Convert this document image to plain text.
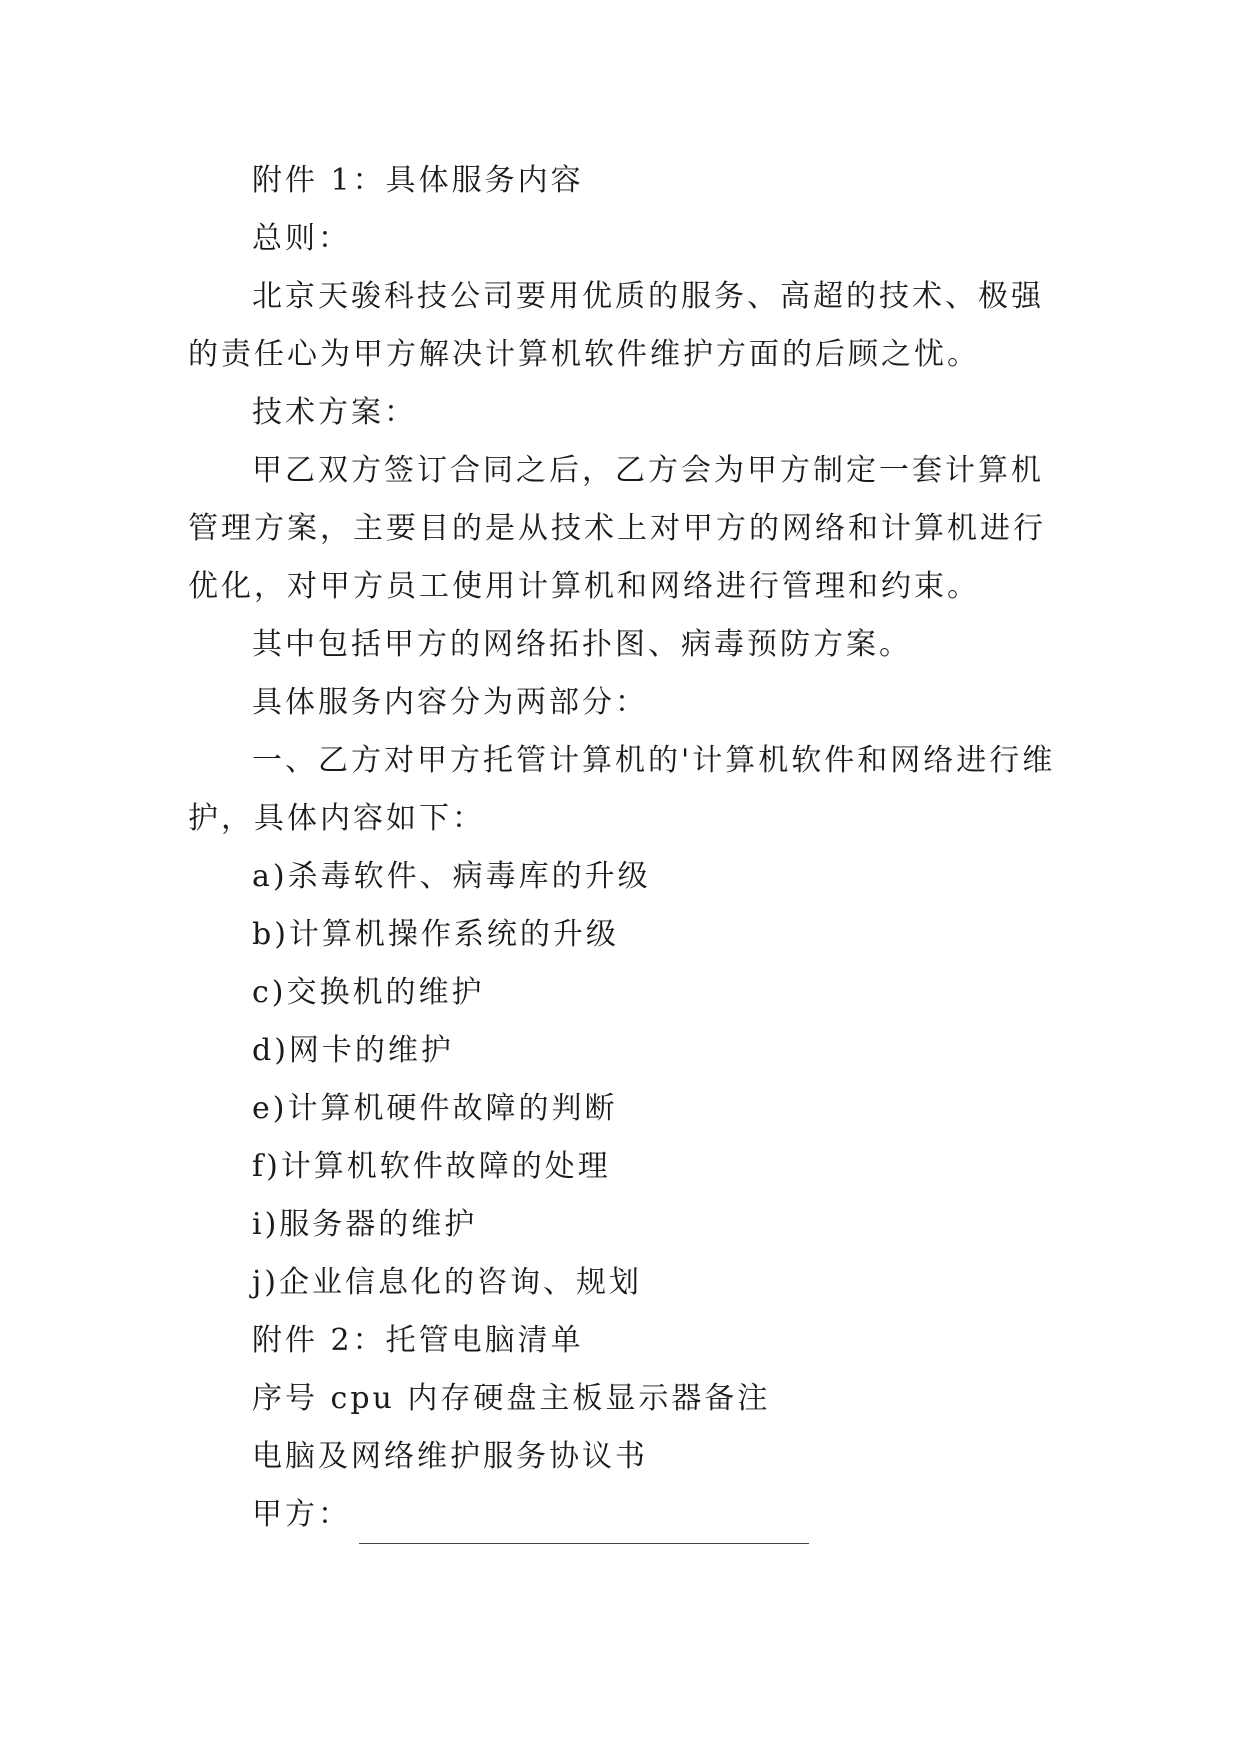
附件 1：具体服务内容

总则：

北京天骏科技公司要用优质的服务、高超的技术、极强的责任心为甲方解决计算机软件维护方面的后顾之忧。

技术方案：

甲乙双方签订合同之后，乙方会为甲方制定一套计算机管理方案，主要目的是从技术上对甲方的网络和计算机进行优化，对甲方员工使用计算机和网络进行管理和约束。

其中包括甲方的网络拓扑图、病毒预防方案。

具体服务内容分为两部分：

一、乙方对甲方托管计算机的'计算机软件和网络进行维护，具体内容如下：

a)杀毒软件、病毒库的升级

b)计算机操作系统的升级

c)交换机的维护

d)网卡的维护

e)计算机硬件故障的判断

f)计算机软件故障的处理

i)服务器的维护

j)企业信息化的咨询、规划

附件 2：托管电脑清单

序号 cpu 内存硬盘主板显示器备注

电脑及网络维护服务协议书

甲方：
